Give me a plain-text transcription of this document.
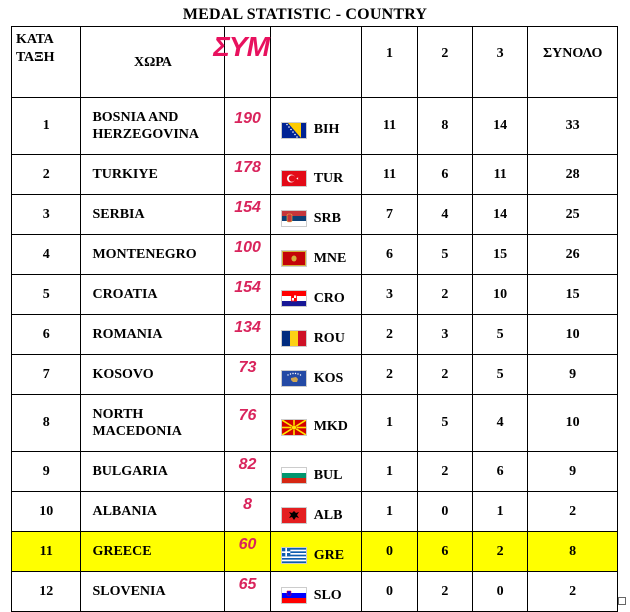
MEDAL STATISTIC - COUNTRY
ΚΑΤΑ
ΤΑΞΗ	ΧΩΡΑ	ΣΥΜ		1	2	3	ΣΥΝΟΛΟ
1	BOSNIA AND
HERZEGOVINA	190	BIH	11	8	14	33
2	TURKIYE	178	TUR	11	6	11	28
3	SERBIA	154	SRB	7	4	14	25
4	MONTENEGRO	100	MNE	6	5	15	26
5	CROATIA	154	CRO	3	2	10	15
6	ROMANIA	134	ROU	2	3	5	10
7	KOSOVO	73	KOS	2	2	5	9
8	NORTH
MACEDONIA	76	MKD	1	5	4	10
9	BULGARIA	82	BUL	1	2	6	9
10	ALBANIA	8	ALB	1	0	1	2
11	GREECE	60	GRE	0	6	2	8
12	SLOVENIA	65	SLO	0	2	0	2
